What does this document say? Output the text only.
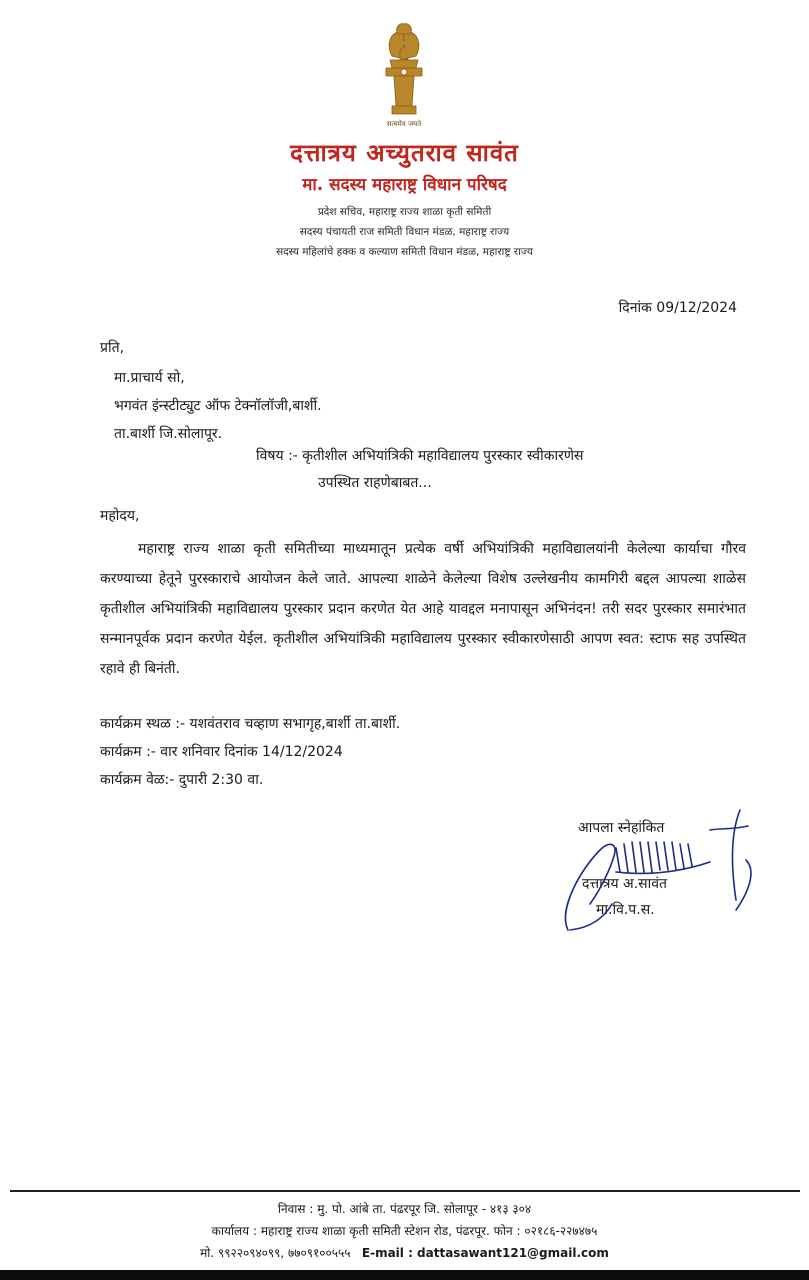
सत्यमेव जयते
दत्तात्रय अच्युतराव सावंत
मा. सदस्य महाराष्ट्र विधान परिषद
प्रदेश सचिव, महाराष्ट्र राज्य शाळा कृती समिती
सदस्य पंचायती राज समिती विधान मंडळ, महाराष्ट्र राज्य
सदस्य महिलांचे हक्क व कल्याण समिती विधान मंडळ, महाराष्ट्र राज्य
दिनांक 09/12/2024
प्रति,
मा.प्राचार्य सो,
भगवंत इंन्स्टीट्युट ऑफ टेक्नॉलॉजी,बार्शी.
ता.बार्शी जि.सोलापूर.
विषय :- कृतीशील अभियांत्रिकी महाविद्यालय पुरस्कार स्वीकारणेस
उपस्थित राहणेबाबत...
महोदय,
महाराष्ट्र राज्य शाळा कृती समितीच्या माध्यमातून प्रत्येक वर्षी अभियांत्रिकी महाविद्यालयांनी केलेल्या कार्याचा गौरव करण्याच्या हेतूने पुरस्काराचे आयोजन केले जाते. आपल्या शाळेने केलेल्या विशेष उल्लेखनीय कामगिरी बद्दल आपल्या शाळेस कृतीशील अभियांत्रिकी महाविद्यालय पुरस्कार प्रदान करणेत येत आहे यावद्दल मनापासून अभिनंदन! तरी सदर पुरस्कार समारंभात सन्मानपूर्वक प्रदान करणेत येईल. कृतीशील अभियांत्रिकी महाविद्यालय पुरस्कार स्वीकारणेसाठी आपण स्वत: स्टाफ सह उपस्थित रहावे ही बिनंती.
कार्यक्रम स्थळ :- यशवंतराव चव्हाण सभागृह,बार्शी ता.बार्शी.
कार्यक्रम :- वार शनिवार दिनांक 14/12/2024
कार्यक्रम वेळ:- दुपारी 2:30 वा.
आपला स्नेहांकित
दत्तात्रय अ.सावंत
मा.वि.प.स.
निवास : मु. पो. आंबे ता. पंढरपूर जि. सोलापूर - ४१३ ३०४
कार्यालय : महाराष्ट्र राज्य शाळा कृती समिती स्टेशन रोड, पंढरपूर. फोन : ०२१८६-२२७४७५
मो. ९९२२०९४०९९, ७७०९१००५५५ E-mail : dattasawant121@gmail.com
